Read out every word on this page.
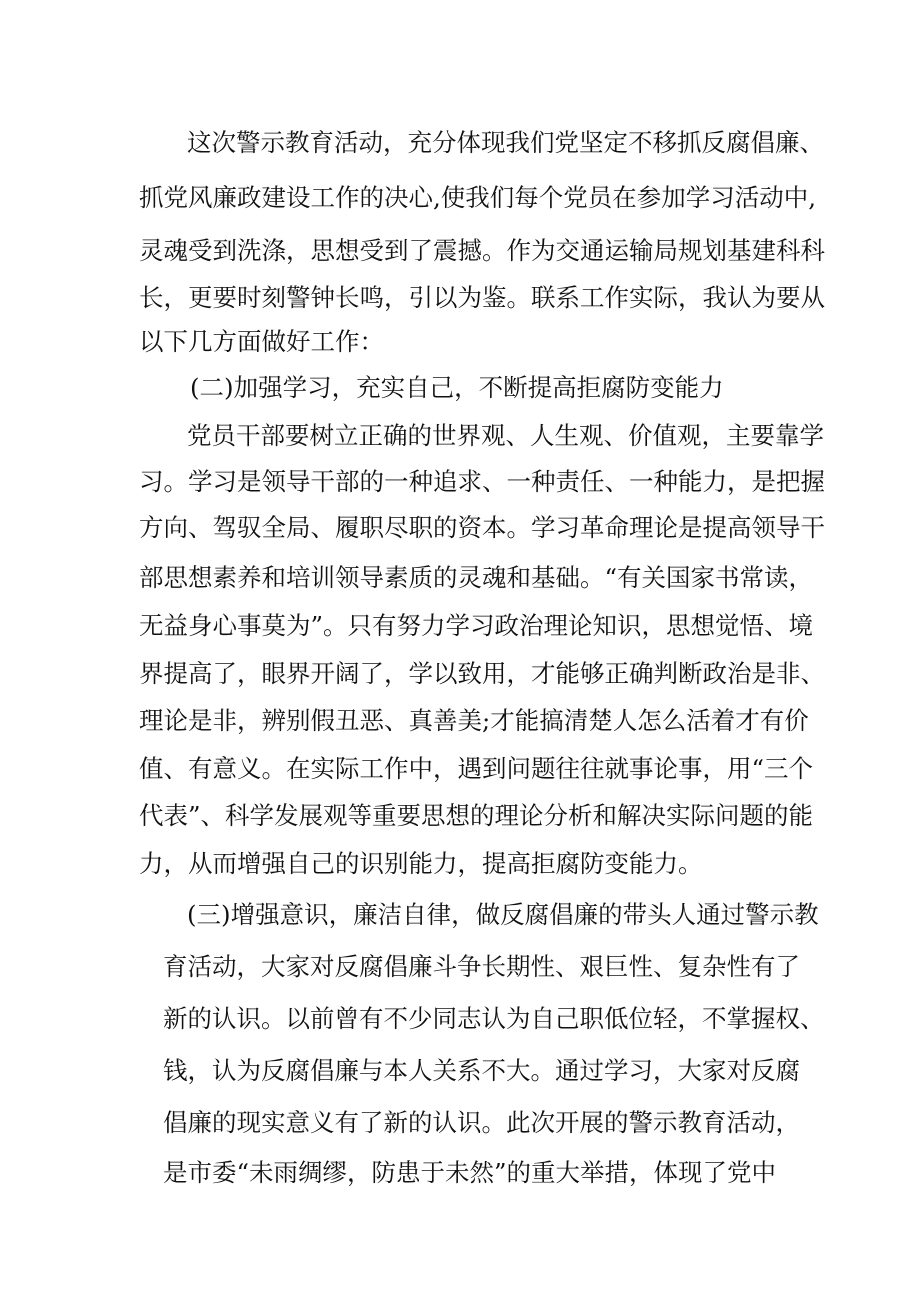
这次警示教育活动，充分体现我们党坚定不移抓反腐倡廉、

抓党风廉政建设工作的决心,使我们每个党员在参加学习活动中,

灵魂受到洗涤，思想受到了震撼。作为交通运输局规划基建科科

长，更要时刻警钟长鸣，引以为鉴。联系工作实际，我认为要从

以下几方面做好工作：

(二)加强学习，充实自己，不断提高拒腐防变能力

党员干部要树立正确的世界观、人生观、价值观，主要靠学

习。学习是领导干部的一种追求、一种责任、一种能力，是把握

方向、驾驭全局、履职尽职的资本。学习革命理论是提高领导干

部思想素养和培训领导素质的灵魂和基础。“有关国家书常读，

无益身心事莫为”。只有努力学习政治理论知识，思想觉悟、境

界提高了，眼界开阔了，学以致用，才能够正确判断政治是非、

理论是非，辨别假丑恶、真善美;才能搞清楚人怎么活着才有价

值、有意义。在实际工作中，遇到问题往往就事论事，用“三个

代表”、科学发展观等重要思想的理论分析和解决实际问题的能

力，从而增强自己的识别能力，提高拒腐防变能力。

(三)增强意识，廉洁自律，做反腐倡廉的带头人通过警示教

育活动，大家对反腐倡廉斗争长期性、艰巨性、复杂性有了

新的认识。以前曾有不少同志认为自己职低位轻，不掌握权、

钱，认为反腐倡廉与本人关系不大。通过学习，大家对反腐

倡廉的现实意义有了新的认识。此次开展的警示教育活动，

是市委“未雨绸缪，防患于未然”的重大举措，体现了党中
